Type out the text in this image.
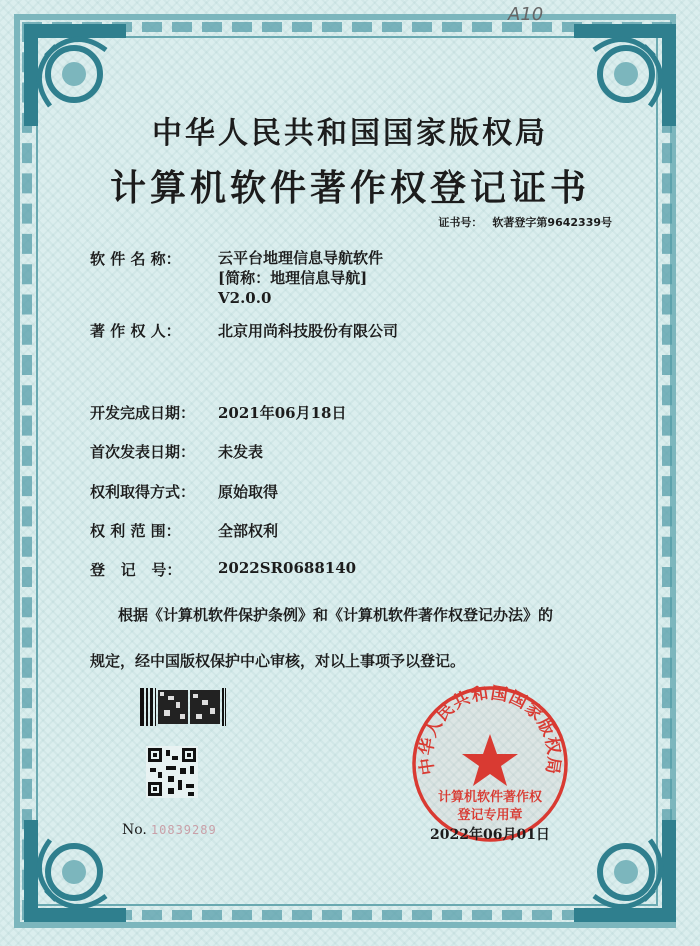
A10
中华人民共和国国家版权局
计算机软件著作权登记证书
证书号： 软著登字第9642339号
软 件 名 称： 云平台地理信息导航软件
[简称：地理信息导航]
V2.0.0
著 作 权 人： 北京用尚科技股份有限公司
开发完成日期： 2021年06月18日
首次发表日期： 未发表
权利取得方式： 原始取得
权 利 范 围： 全部权利
登   记   号： 2022SR0688140
根据《计算机软件保护条例》和《计算机软件著作权登记办法》的
规定，经中国版权保护中心审核，对以上事项予以登记。
No. 10839289
中华人民共和国国家版权局
计算机软件著作权
登记专用章
2022年06月01日
